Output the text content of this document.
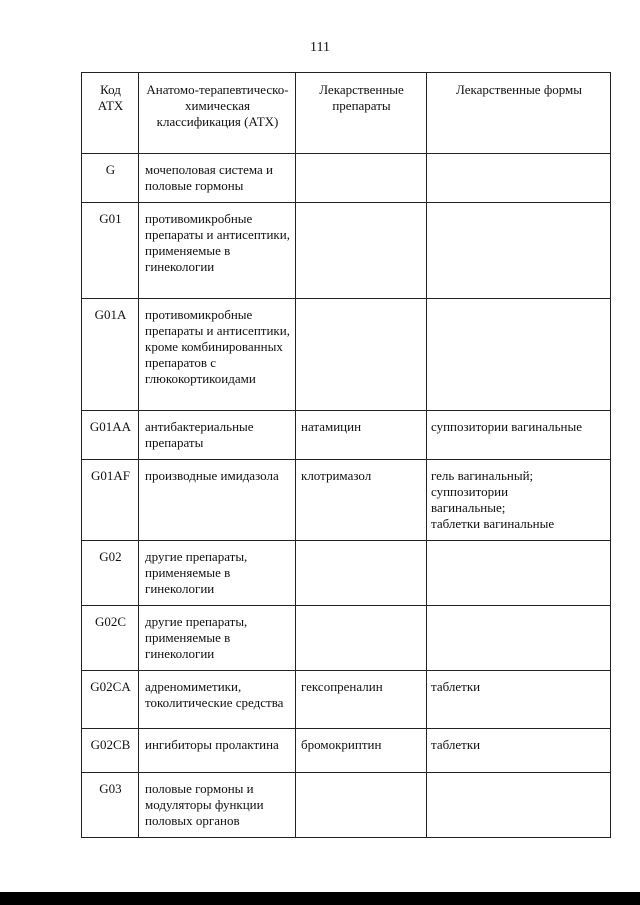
111
Код АТХ	Анатомо-терапевтическо-химическая классификация (АТХ)	Лекарственные препараты	Лекарственные формы
G	мочеполовая система и половые гормоны		
G01	противомикробные препараты и антисептики, применяемые в гинекологии		
G01A	противомикробные препараты и антисептики, кроме комбинированных препаратов с глюкокортикоидами		
G01AA	антибактериальные препараты	натамицин	суппозитории вагинальные

G01AF	производные имидазола	клотримазол	гель вагинальный;
суппозитории
вагинальные;
таблетки вагинальные

G02	другие препараты, применяемые в гинекологии		
G02C	другие препараты, применяемые в гинекологии		
G02CA	адреномиметики, токолитические средства	гексопреналин	таблетки

G02CB	ингибиторы пролактина	бромокриптин	таблетки

G03	половые гормоны и модуляторы функции половых органов		
